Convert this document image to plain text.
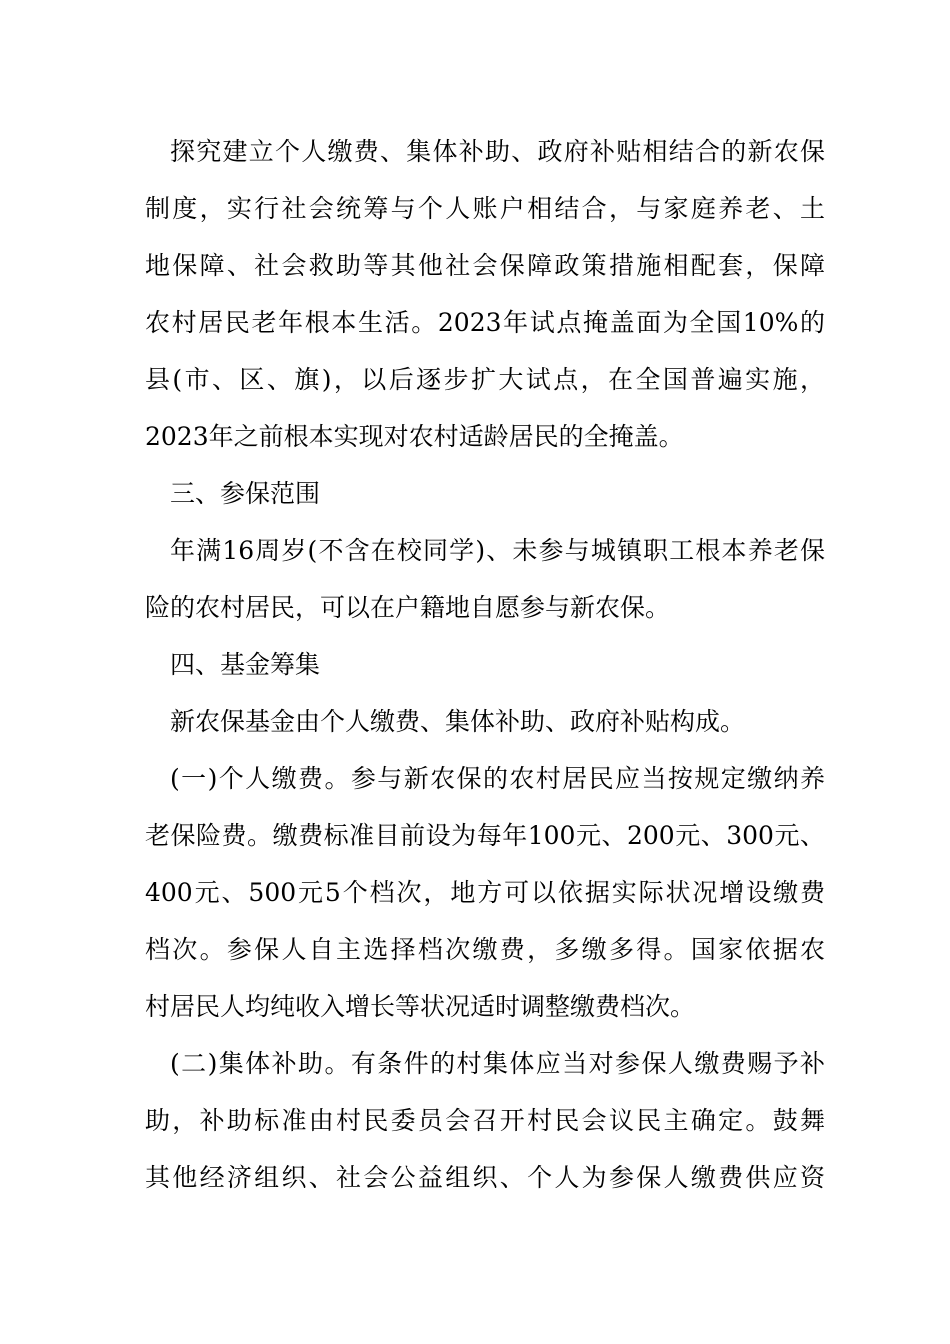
探究建立个人缴费、集体补助、政府补贴相结合的新农保
制度，实行社会统筹与个人账户相结合，与家庭养老、土
地保障、社会救助等其他社会保障政策措施相配套，保障
农村居民老年根本生活。2023年试点掩盖面为全国10%的
县(市、区、旗)，以后逐步扩大试点，在全国普遍实施，
2023年之前根本实现对农村适龄居民的全掩盖。
三、参保范围
年满16周岁(不含在校同学)、未参与城镇职工根本养老保
险的农村居民，可以在户籍地自愿参与新农保。
四、基金筹集
新农保基金由个人缴费、集体补助、政府补贴构成。
(一)个人缴费。参与新农保的农村居民应当按规定缴纳养
老保险费。缴费标准目前设为每年100元、200元、300元、
400元、500元5个档次，地方可以依据实际状况增设缴费
档次。参保人自主选择档次缴费，多缴多得。国家依据农
村居民人均纯收入增长等状况适时调整缴费档次。
(二)集体补助。有条件的村集体应当对参保人缴费赐予补
助，补助标准由村民委员会召开村民会议民主确定。鼓舞
其他经济组织、社会公益组织、个人为参保人缴费供应资
